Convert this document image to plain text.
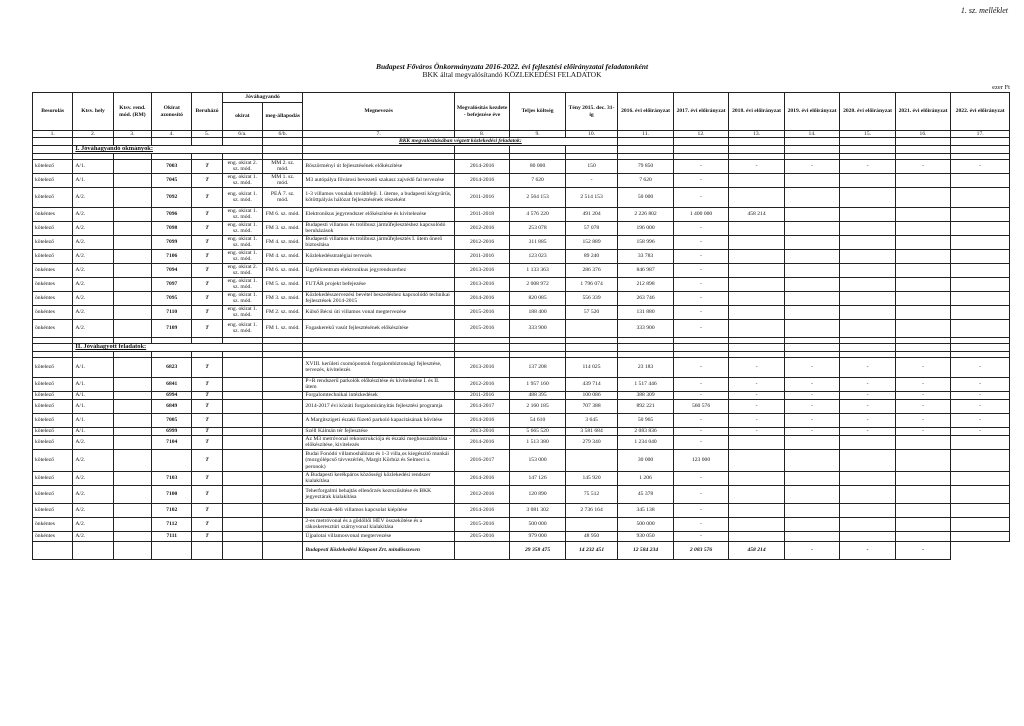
1. sz. melléklet
Budapest Főváros Önkormányzata 2016-2022. évi fejlesztési előirányzatai feladatonként
BKK által megvalósítandó KÖZLEKEDÉSI FELADATOK
ezer Ft
Besorolás	Ktsv. hely	Ktsv. rend. mód. (RM)	Okirat azonosító	Beruházó	Jóváhagyandó		Megnevezés	Megvalósítás kezdete - befejezése éve	Teljes költség	Tény 2015. dec. 31-ig	2016. évi előirányzat	2017. évi előirányzat	2018. évi előirányzat	2019. évi előirányzat	2020. évi előirányzat	2021. évi előirányzat	2022. évi előirányzat
					okirat	meg-állapodás											
1.	2.	3.	4.	5.	6/a.	6/b.	7.	8.	9.	10.	11.	12.	13.	14.	15.	16.	17.
							BKK megvalósításában végzett közlekedési feladatok:										
	I. Jóváhagyandó okmányok:																

kötelező	A/1.		7003	T	eng. okirat 2. sz. mód.	MM 2. sz. mód.	Böszörményi út fejlesztésének előkészítése	2014-2016	80 000	150	79 850	-	-	-	-	-	-
kötelező	A/1.		7045	T	eng. okirat 1. sz. mód.	MM 1. sz. mód.	M3 autópálya fővárosi bevezető szakasz zajvédő fal tervezése	2014-2016	7 620	-	7 620	-					
kötelező	A/2.		7092	T	eng. okirat 1. sz. mód.	PEÁ 7. sz. mód.	1-3 villamos vonalak továbbfejl. I. üteme, a budapesti körgyűrűs, kötöttpályás hálózat fejlesztésének részeként	2011-2016	2 564 153	2 514 153	50 000	-					
önkéntes	A/2.		7096	T	eng. okirat 1. sz. mód.	FM 6. sz. mód.	Elektronikus jegyrendszer előkészítése és kivitelezése	2011-2018	4 576 220	491 204	2 226 802	1 400 000	458 214				
kötelező	A/2.		7098	T	eng. okirat 1. sz. mód.	FM 3. sz. mód.	Budapesti villamos és trolibusz járműfejlesztéshez kapcsolódó beruházások	2012-2016	253 078	57 078	196 000	-					
kötelező	A/2.		7099	T	eng. okirat 1. sz. mód.	FM 4. sz. mód.	Budapesti villamos és trolibusz járműfejlesztés I. ütem önerő biztosítása	2012-2016	311 885	152 889	158 996	-					
kötelező	A/2.		7106	T	eng. okirat 1. sz. mód.	FM 4. sz. mód.	Közlekedésstratégiai tervezés	2011-2016	123 023	89 240	33 783	-					
önkéntes	A/2.		7094	T	eng. okirat 2. sz. mód.	FM 6. sz. mód.	Ügyfélcentrum elektronikus jegyrendszerhez	2013-2016	1 133 363	286 376	846 987	-					
önkéntes	A/2.		7097	T	eng. okirat 1. sz. mód.	FM 5. sz. mód.	FUTÁR projekt befejezése	2013-2016	2 008 972	1 796 074	212 898	-					
önkéntes	A/2.		7095	T	eng. okirat 1. sz. mód.	FM 3. sz. mód.	Közlekedésszervezési bevétel beszedéshez kapcsolódó technikai fejlesztések 2014-2015	2014-2016	820 085	556 339	263 746	-					
önkéntes	A/2.		7110	T	eng. okirat 1. sz. mód.	FM 2. sz. mód.	Külső Bécsi úti villamos vonal megtervezése	2015-2016	188 400	57 520	131 880	-					
önkéntes	A/2.		7109	T	eng. okirat 1. sz. mód.	FM 1. sz. mód.	Fogaskerekű vasút fejlesztésének előkészítése	2015-2016	333 900		333 900	-					

	II. Jóváhagyott feladatok:																

kötelező	A/1.		6823	T			XVIII. kerületi csomópontok forgalombiztonsági fejlesztése, tervezés, kivitelezés	2013-2016	137 208	114 025	23 183	-	-	-	-	-	-
kötelező	A/1.		6841	T			P+R rendszerű parkolók előkészítése és kivitelezése I. és II. ütem	2012-2016	1 957 160	439 714	1 517 446	-	-	-	-	-	-
kötelező	A/1.		6994	T			Forgalomtechnikai intézkedések	2011-2016	488 395	100 086	388 309	-	-	-	-	-	-
kötelező	A/1.		6849	T			2014-2017 évi közúti forgalomirányítás fejlesztési programja	2014-2017	2 160 185	707 388	892 221	560 576	-	-	-	-	-
kötelező	A/1.		7005	T			A Margitszigeti északi füzető parkoló kapacitásának bővítése	2014-2016	54 610	3 645	50 965	-	-	-	-	-	-
kötelező	A/1.		6999	T			Széll Kálmán tér fejlesztése	2013-2016	5 665 520	3 581 684	2 083 836	-	-	-	-	-	-
kötelező	A/2.		7104	T			Az M3 metróvonal rekonstrukciója és északi meghosszabbítása - előkészítése, kivitelezés	2014-2016	1 513 380	279 340	1 234 040	-					
kötelező	A/2.			T			Budai Fonódó villamoshálózat és 1-3 villa,os kiegészítő munkái (mozgólépcső távvezérlés, Margit Körhúz és Selmeci u. peronok)	2016-2017	153 000		30 000	123 000					
kötelező	A/2.		7103	T			A Budapesti kerékpáros közösségi közlekedési rendszer kialakítása	2014-2016	147 126	145 920	1 206	-					
kötelező	A/2.		7100	T			Teherforgalmi behajtás ellenőrzés kezrszűsítése és BKK jegyeztárak kialakítása	2012-2016	120 890	75 512	45 378	-					
kötelező	A/2.		7102	T			Budai észak-déli villamos kapcsolat kiépítése	2014-2016	3 081 302	2 736 164	345 138	-					
önkéntes	A/2.		7112	T			2-es metróvonal és a gödöllői HÉV összekötése és a rákoskeresztúri szárnyvonal kialakítása	2015-2016	500 000		500 000	-					
önkéntes	A/2.		7111	T			Újpalotai villamosvonal megtervezése	2015-2016	979 000	48 950	930 050	-					
							Budapesti Közlekedési Központ Zrt. mindösszesen		29 358 475	14 232 451	12 584 234	2 083 576	458 214	-	-	-	
